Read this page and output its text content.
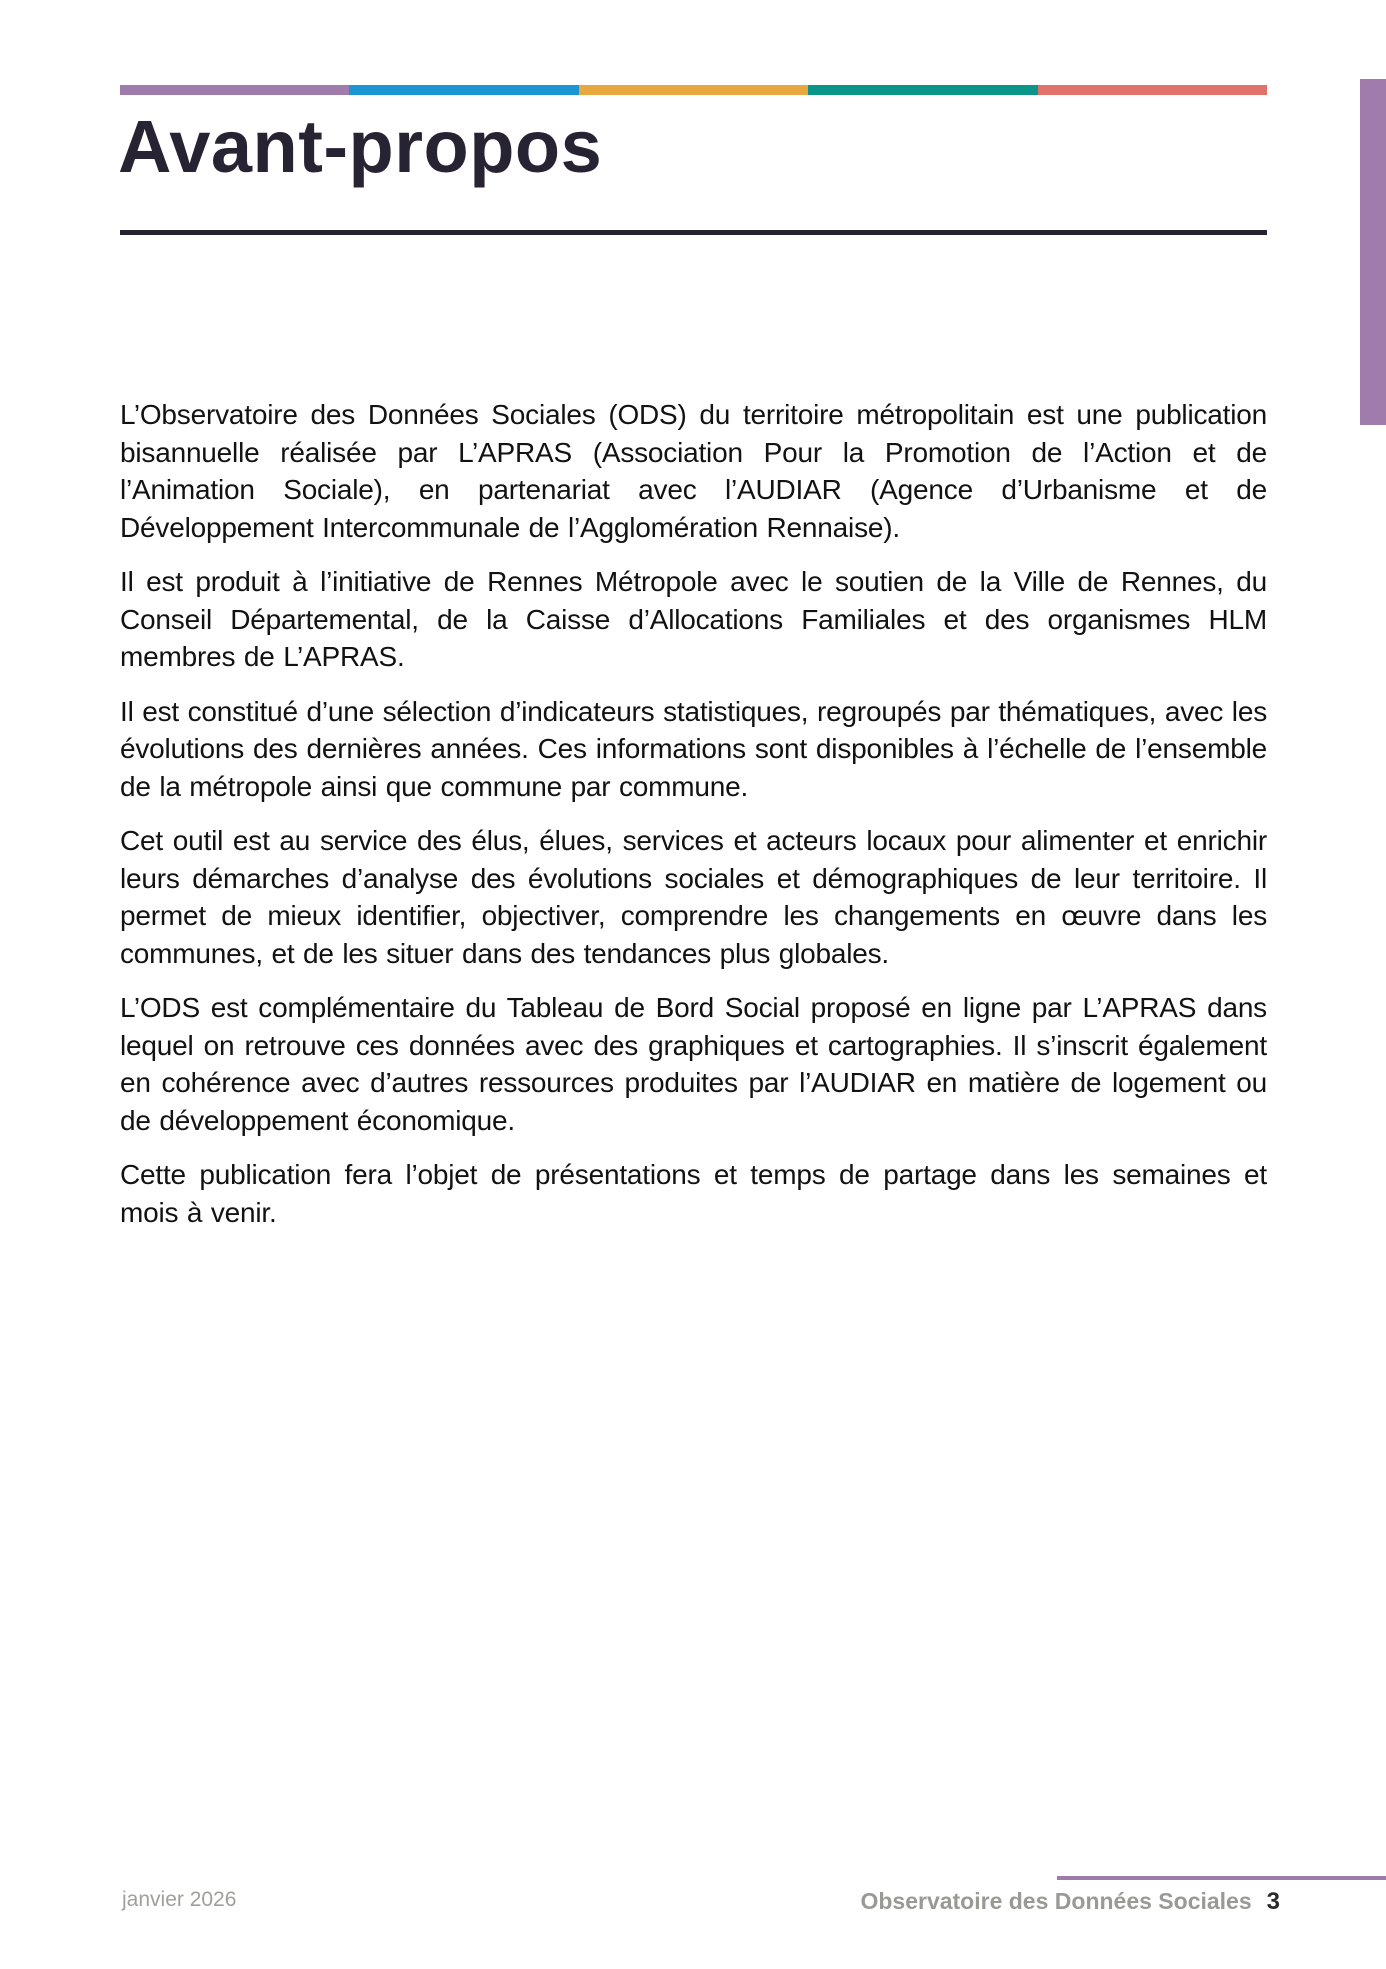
Avant-propos

L’Observatoire des Données Sociales (ODS) du territoire métropolitain est une publication bisannuelle réalisée par L’APRAS (Association Pour la Promotion de l’Action et de l’Animation Sociale), en partenariat avec l’AUDIAR (Agence d’Urbanisme et de Développement Intercommunale de l’Agglomération Rennaise).

Il est produit à l’initiative de Rennes Métropole avec le soutien de la Ville de Rennes, du Conseil Départemental, de la Caisse d’Allocations Familiales et des organismes HLM membres de L’APRAS.

Il est constitué d’une sélection d’indicateurs statistiques, regroupés par thématiques, avec les évolutions des dernières années. Ces informations sont disponibles à l’échelle de l’ensemble de la métropole ainsi que commune par commune.

Cet outil est au service des élus, élues, services et acteurs locaux pour alimenter et enrichir leurs démarches d’analyse des évolutions sociales et démographiques de leur territoire. Il permet de mieux identifier, objectiver, comprendre les changements en œuvre dans les communes, et de les situer dans des tendances plus globales.

L’ODS est complémentaire du Tableau de Bord Social proposé en ligne par L’APRAS dans lequel on retrouve ces données avec des graphiques et cartographies. Il s’inscrit également en cohérence avec d’autres ressources produites par l’AUDIAR en matière de logement ou de développement économique.

Cette publication fera l’objet de présentations et temps de partage dans les semaines et mois à venir.

janvier 2026	Observatoire des Données Sociales 3
